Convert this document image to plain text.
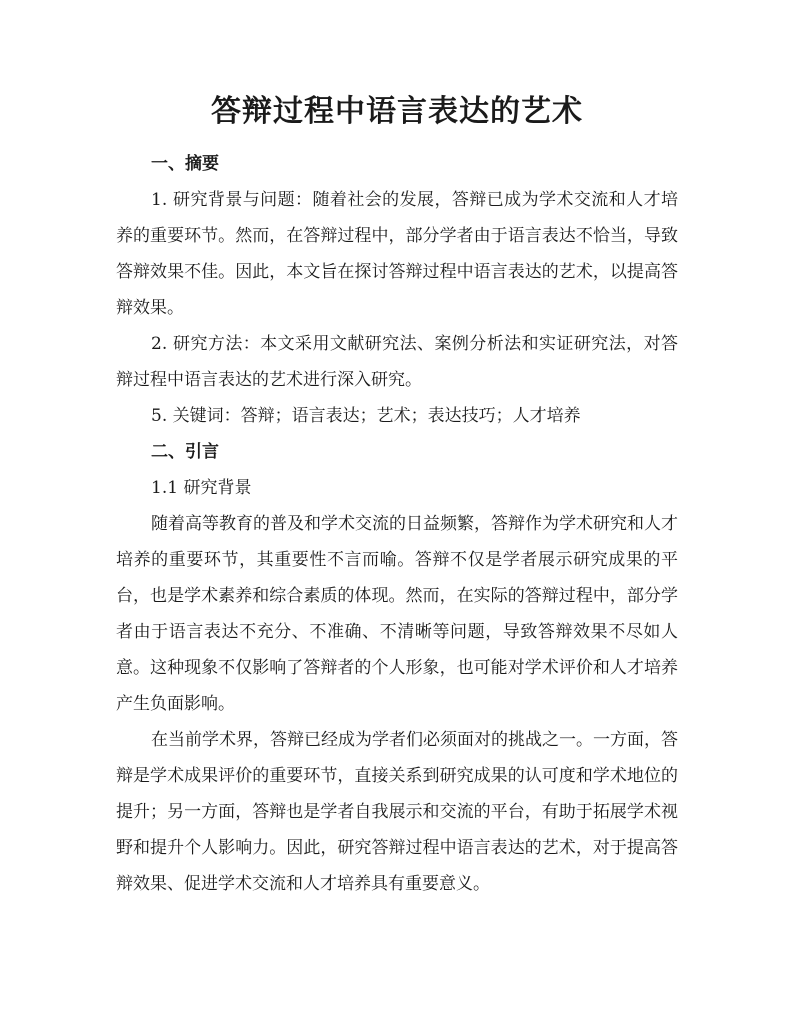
答辩过程中语言表达的艺术
一、摘要

1. 研究背景与问题：随着社会的发展，答辩已成为学术交流和人才培养的重要环节。然而，在答辩过程中，部分学者由于语言表达不恰当，导致答辩效果不佳。因此，本文旨在探讨答辩过程中语言表达的艺术，以提高答辩效果。

2. 研究方法：本文采用文献研究法、案例分析法和实证研究法，对答辩过程中语言表达的艺术进行深入研究。

5. 关键词：答辩；语言表达；艺术；表达技巧；人才培养

二、引言
1.1 研究背景

随着高等教育的普及和学术交流的日益频繁，答辩作为学术研究和人才培养的重要环节，其重要性不言而喻。答辩不仅是学者展示研究成果的平台，也是学术素养和综合素质的体现。然而，在实际的答辩过程中，部分学者由于语言表达不充分、不准确、不清晰等问题，导致答辩效果不尽如人意。这种现象不仅影响了答辩者的个人形象，也可能对学术评价和人才培养产生负面影响。

在当前学术界，答辩已经成为学者们必须面对的挑战之一。一方面，答辩是学术成果评价的重要环节，直接关系到研究成果的认可度和学术地位的提升；另一方面，答辩也是学者自我展示和交流的平台，有助于拓展学术视野和提升个人影响力。因此，研究答辩过程中语言表达的艺术，对于提高答辩效果、促进学术交流和人才培养具有重要意义。
